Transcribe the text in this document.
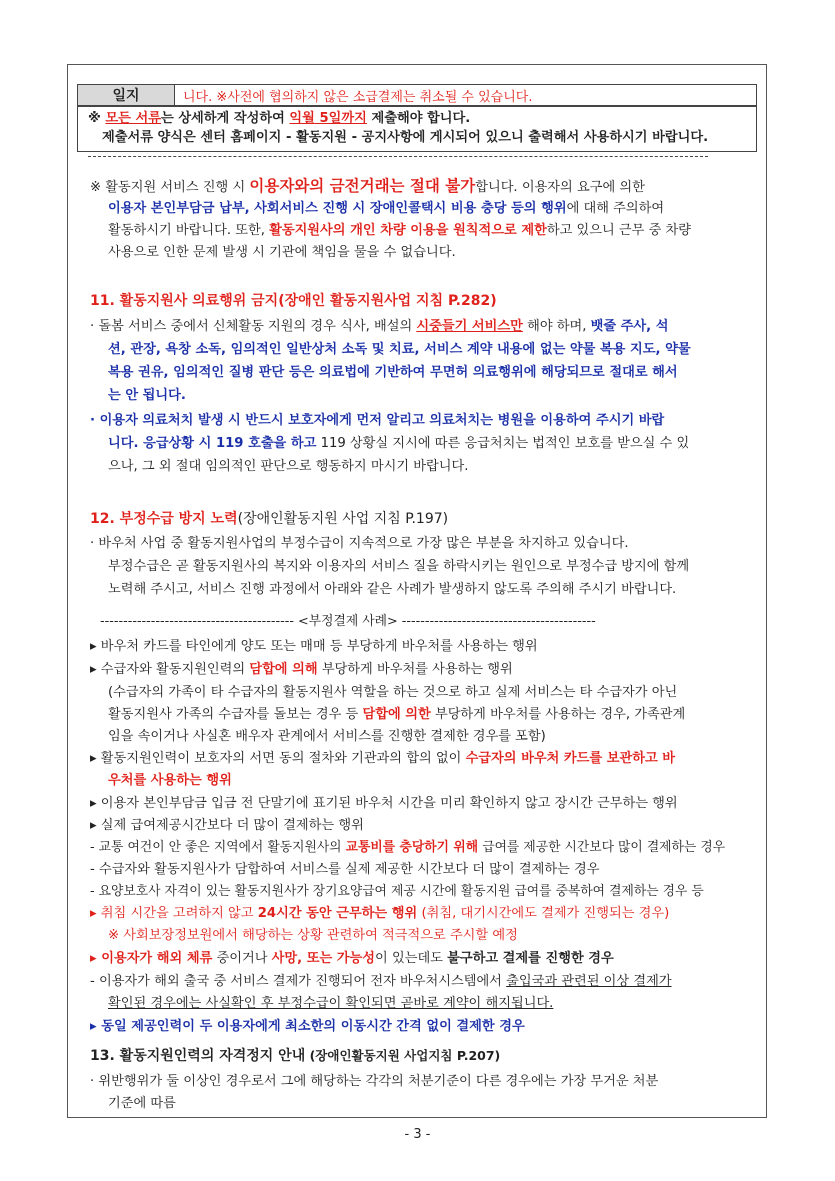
일지	니다. ※사전에 협의하지 않은 소급결제는 취소될 수 있습니다.
※ 모든 서류는 상세하게 작성하여 익월 5일까지 제출해야 합니다.
제출서류 양식은 센터 홈페이지 - 활동지원 - 공지사항에 게시되어 있으니 출력해서 사용하시기 바랍니다.
※ 활동지원 서비스 진행 시 이용자와의 금전거래는 절대 불가합니다. 이용자의 요구에 의한
이용자 본인부담금 납부, 사회서비스 진행 시 장애인콜택시 비용 충당 등의 행위에 대해 주의하여
활동하시기 바랍니다. 또한, 활동지원사의 개인 차량 이용을 원칙적으로 제한하고 있으니 근무 중 차량
사용으로 인한 문제 발생 시 기관에 책임을 물을 수 없습니다.
11. 활동지원사 의료행위 금지(장애인 활동지원사업 지침 P.282)
· 돌봄 서비스 중에서 신체활동 지원의 경우 식사, 배설의 시중들기 서비스만 해야 하며, 뱃줄 주사, 석
션, 관장, 욕창 소독, 임의적인 일반상처 소독 및 치료, 서비스 계약 내용에 없는 약물 복용 지도, 약물
복용 권유, 임의적인 질병 판단 등은 의료법에 기반하여 무면허 의료행위에 해당되므로 절대로 해서
는 안 됩니다.
· 이용자 의료처치 발생 시 반드시 보호자에게 먼저 알리고 의료처치는 병원을 이용하여 주시기 바랍
니다. 응급상황 시 119 호출을 하고 119 상황실 지시에 따른 응급처치는 법적인 보호를 받으실 수 있
으나, 그 외 절대 임의적인 판단으로 행동하지 마시기 바랍니다.
12. 부정수급 방지 노력(장애인활동지원 사업 지침 P.197)
· 바우처 사업 중 활동지원사업의 부정수급이 지속적으로 가장 많은 부분을 차지하고 있습니다.
부정수급은 곧 활동지원사의 복지와 이용자의 서비스 질을 하락시키는 원인으로 부정수급 방지에 함께
노력해 주시고, 서비스 진행 과정에서 아래와 같은 사례가 발생하지 않도록 주의해 주시기 바랍니다.
------------------------------------------ <부정결제 사례> ------------------------------------------
▸ 바우처 카드를 타인에게 양도 또는 매매 등 부당하게 바우처를 사용하는 행위
▸ 수급자와 활동지원인력의 담합에 의해 부당하게 바우처를 사용하는 행위
(수급자의 가족이 타 수급자의 활동지원사 역할을 하는 것으로 하고 실제 서비스는 타 수급자가 아닌
활동지원사 가족의 수급자를 돌보는 경우 등 담합에 의한 부당하게 바우처를 사용하는 경우, 가족관계
임을 속이거나 사실혼 배우자 관계에서 서비스를 진행한 결제한 경우를 포함)
▸ 활동지원인력이 보호자의 서면 동의 절차와 기관과의 합의 없이 수급자의 바우처 카드를 보관하고 바
우처를 사용하는 행위
▸ 이용자 본인부담금 입금 전 단말기에 표기된 바우처 시간을 미리 확인하지 않고 장시간 근무하는 행위
▸ 실제 급여제공시간보다 더 많이 결제하는 행위
- 교통 여건이 안 좋은 지역에서 활동지원사의 교통비를 충당하기 위해 급여를 제공한 시간보다 많이 결제하는 경우
- 수급자와 활동지원사가 담합하여 서비스를 실제 제공한 시간보다 더 많이 결제하는 경우
- 요양보호사 자격이 있는 활동지원사가 장기요양급여 제공 시간에 활동지원 급여를 중복하여 결제하는 경우 등
▸ 취침 시간을 고려하지 않고 24시간 동안 근무하는 행위 (취침, 대기시간에도 결제가 진행되는 경우)
※ 사회보장정보원에서 해당하는 상황 관련하여 적극적으로 주시할 예정
▸ 이용자가 해외 체류 중이거나 사망, 또는 가능성이 있는데도 불구하고 결제를 진행한 경우
- 이용자가 해외 출국 중 서비스 결제가 진행되어 전자 바우처시스템에서 출입국과 관련된 이상 결제가
확인된 경우에는 사실확인 후 부정수급이 확인되면 곧바로 계약이 해지됩니다.
▸ 동일 제공인력이 두 이용자에게 최소한의 이동시간 간격 없이 결제한 경우
13. 활동지원인력의 자격정지 안내 (장애인활동지원 사업지침 P.207)
· 위반행위가 둘 이상인 경우로서 그에 해당하는 각각의 처분기준이 다른 경우에는 가장 무거운 처분
기준에 따름
- 3 -
